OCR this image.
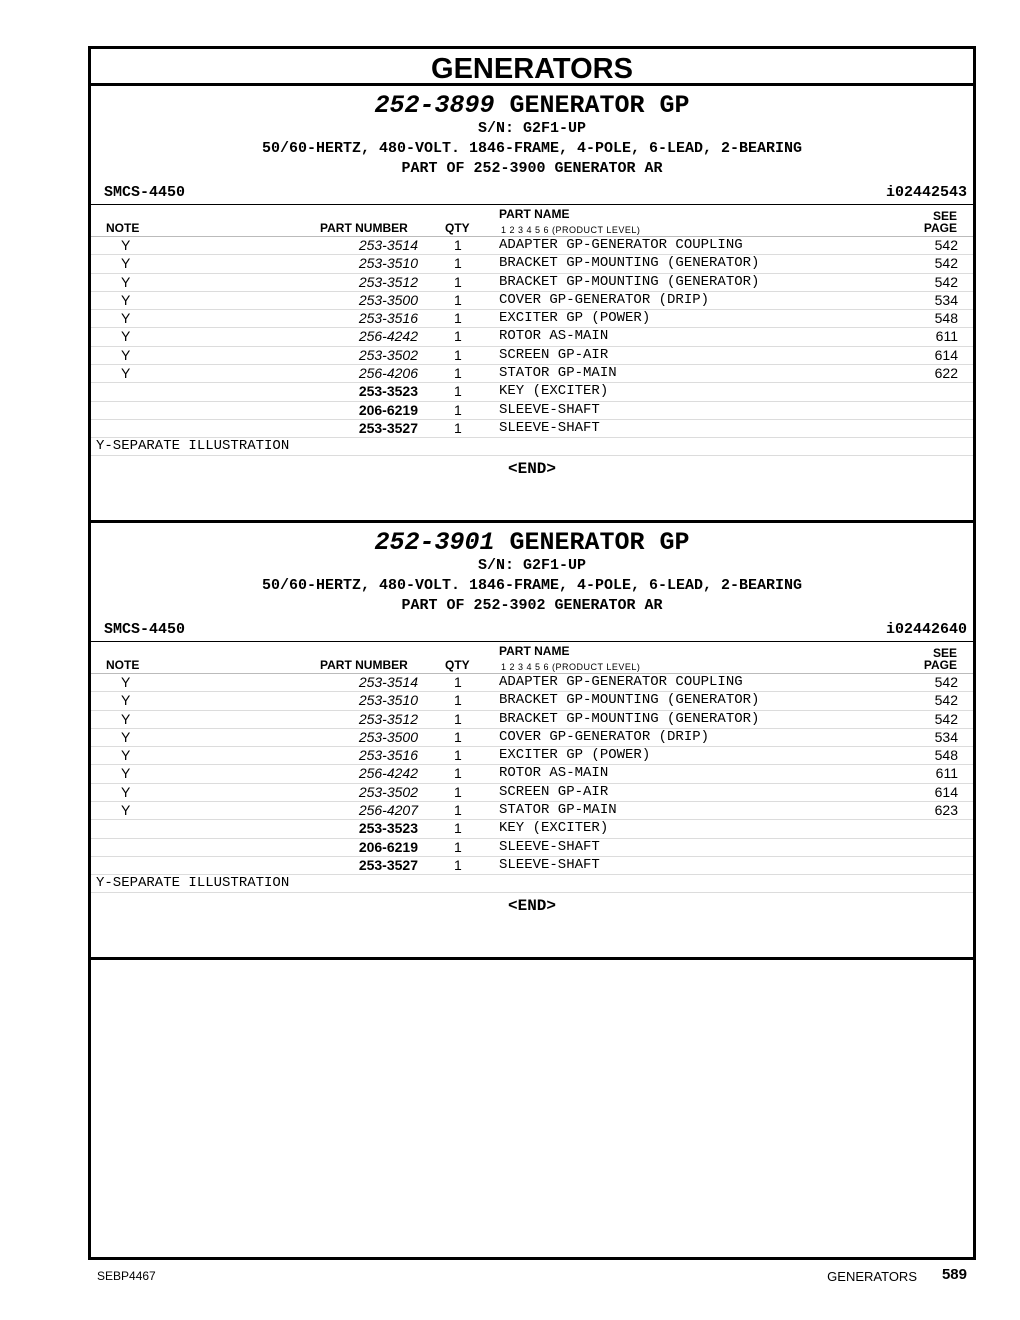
GENERATORS
252-3899 GENERATOR GP
S/N: G2F1-UP
50/60-HERTZ, 480-VOLT. 1846-FRAME, 4-POLE, 6-LEAD, 2-BEARING
PART OF 252-3900 GENERATOR AR
SMCS-4450	i02442543
NOTE	PART NUMBER	QTY
PART NAME
1 2 3 4 5 6 (PRODUCT LEVEL)
SEE
PAGE
Y	253-3514	1	ADAPTER GP-GENERATOR COUPLING	542
Y	253-3510	1	BRACKET GP-MOUNTING (GENERATOR)	542
Y	253-3512	1	BRACKET GP-MOUNTING (GENERATOR)	542
Y	253-3500	1	COVER GP-GENERATOR (DRIP)	534
Y	253-3516	1	EXCITER GP (POWER)	548
Y	256-4242	1	ROTOR AS-MAIN	611
Y	253-3502	1	SCREEN GP-AIR	614
Y	256-4206	1	STATOR GP-MAIN	622
253-3523	1	KEY (EXCITER)
206-6219	1	SLEEVE-SHAFT
253-3527	1	SLEEVE-SHAFT
Y-SEPARATE ILLUSTRATION
<END>
252-3901 GENERATOR GP
S/N: G2F1-UP
50/60-HERTZ, 480-VOLT. 1846-FRAME, 4-POLE, 6-LEAD, 2-BEARING
PART OF 252-3902 GENERATOR AR
SMCS-4450	i02442640
NOTE	PART NUMBER	QTY
PART NAME
1 2 3 4 5 6 (PRODUCT LEVEL)
SEE
PAGE
Y	253-3514	1	ADAPTER GP-GENERATOR COUPLING	542
Y	253-3510	1	BRACKET GP-MOUNTING (GENERATOR)	542
Y	253-3512	1	BRACKET GP-MOUNTING (GENERATOR)	542
Y	253-3500	1	COVER GP-GENERATOR (DRIP)	534
Y	253-3516	1	EXCITER GP (POWER)	548
Y	256-4242	1	ROTOR AS-MAIN	611
Y	253-3502	1	SCREEN GP-AIR	614
Y	256-4207	1	STATOR GP-MAIN	623
253-3523	1	KEY (EXCITER)
206-6219	1	SLEEVE-SHAFT
253-3527	1	SLEEVE-SHAFT
Y-SEPARATE ILLUSTRATION
<END>
SEBP4467	GENERATORS 589
